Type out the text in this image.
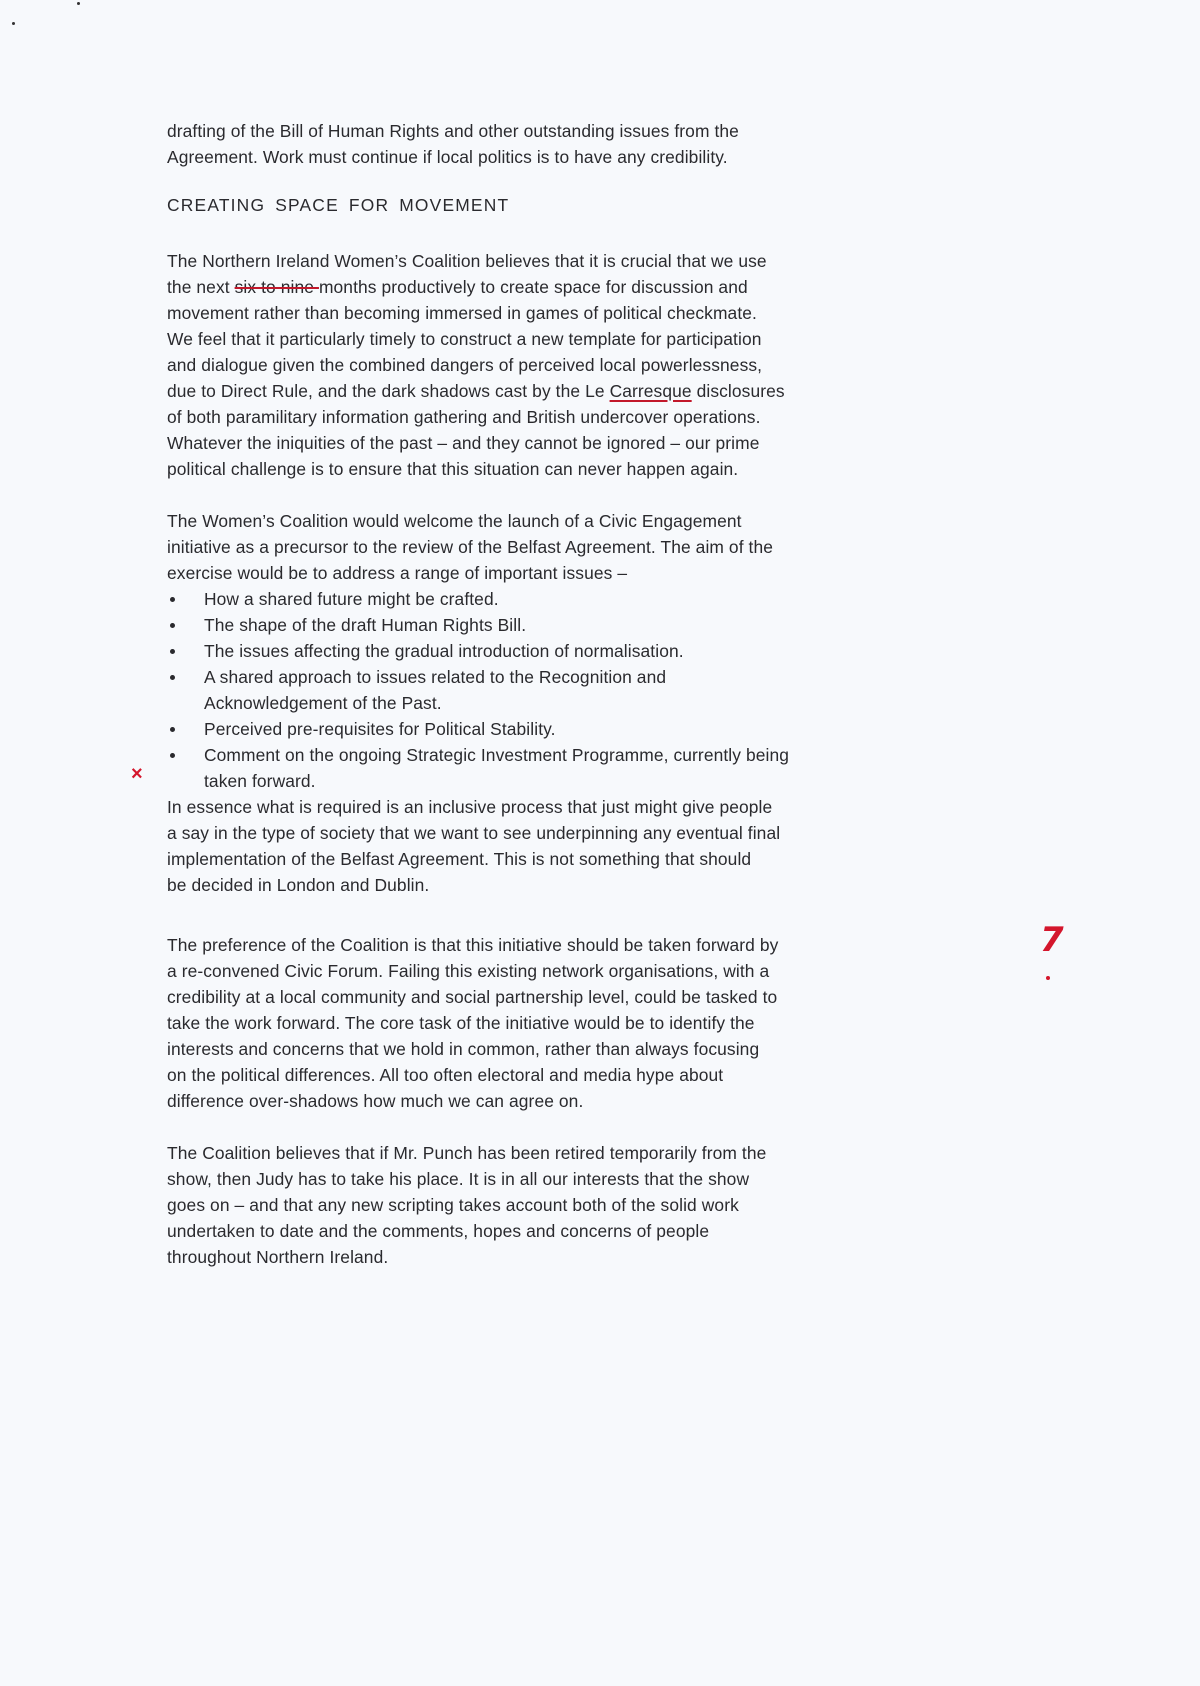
drafting of the Bill of Human Rights and other outstanding issues from the
Agreement. Work must continue if local politics is to have any credibility.
CREATING SPACE FOR MOVEMENT
The Northern Ireland Women’s Coalition believes that it is crucial that we use
the next six to nine months productively to create space for discussion and
movement rather than becoming immersed in games of political checkmate.
We feel that it particularly timely to construct a new template for participation
and dialogue given the combined dangers of perceived local powerlessness,
due to Direct Rule, and the dark shadows cast by the Le Carresque disclosures
of both paramilitary information gathering and British undercover operations.
Whatever the iniquities of the past – and they cannot be ignored – our prime
political challenge is to ensure that this situation can never happen again.
The Women’s Coalition would welcome the launch of a Civic Engagement
initiative as a precursor to the review of the Belfast Agreement. The aim of the
exercise would be to address a range of important issues –
How a shared future might be crafted.
The shape of the draft Human Rights Bill.
The issues affecting the gradual introduction of normalisation.
A shared approach to issues related to the Recognition and
Acknowledgement of the Past.
Perceived pre-requisites for Political Stability.
Comment on the ongoing Strategic Investment Programme, currently being
taken forward.
In essence what is required is an inclusive process that just might give people
a say in the type of society that we want to see underpinning any eventual final
implementation of the Belfast Agreement. This is not something that should
be decided in London and Dublin.
The preference of the Coalition is that this initiative should be taken forward by
a re-convened Civic Forum. Failing this existing network organisations, with a
credibility at a local community and social partnership level, could be tasked to
take the work forward. The core task of the initiative would be to identify the
interests and concerns that we hold in common, rather than always focusing
on the political differences. All too often electoral and media hype about
difference over-shadows how much we can agree on.
The Coalition believes that if Mr. Punch has been retired temporarily from the
show, then Judy has to take his place. It is in all our interests that the show
goes on – and that any new scripting takes account both of the solid work
undertaken to date and the comments, hopes and concerns of people
throughout Northern Ireland.
×
7
